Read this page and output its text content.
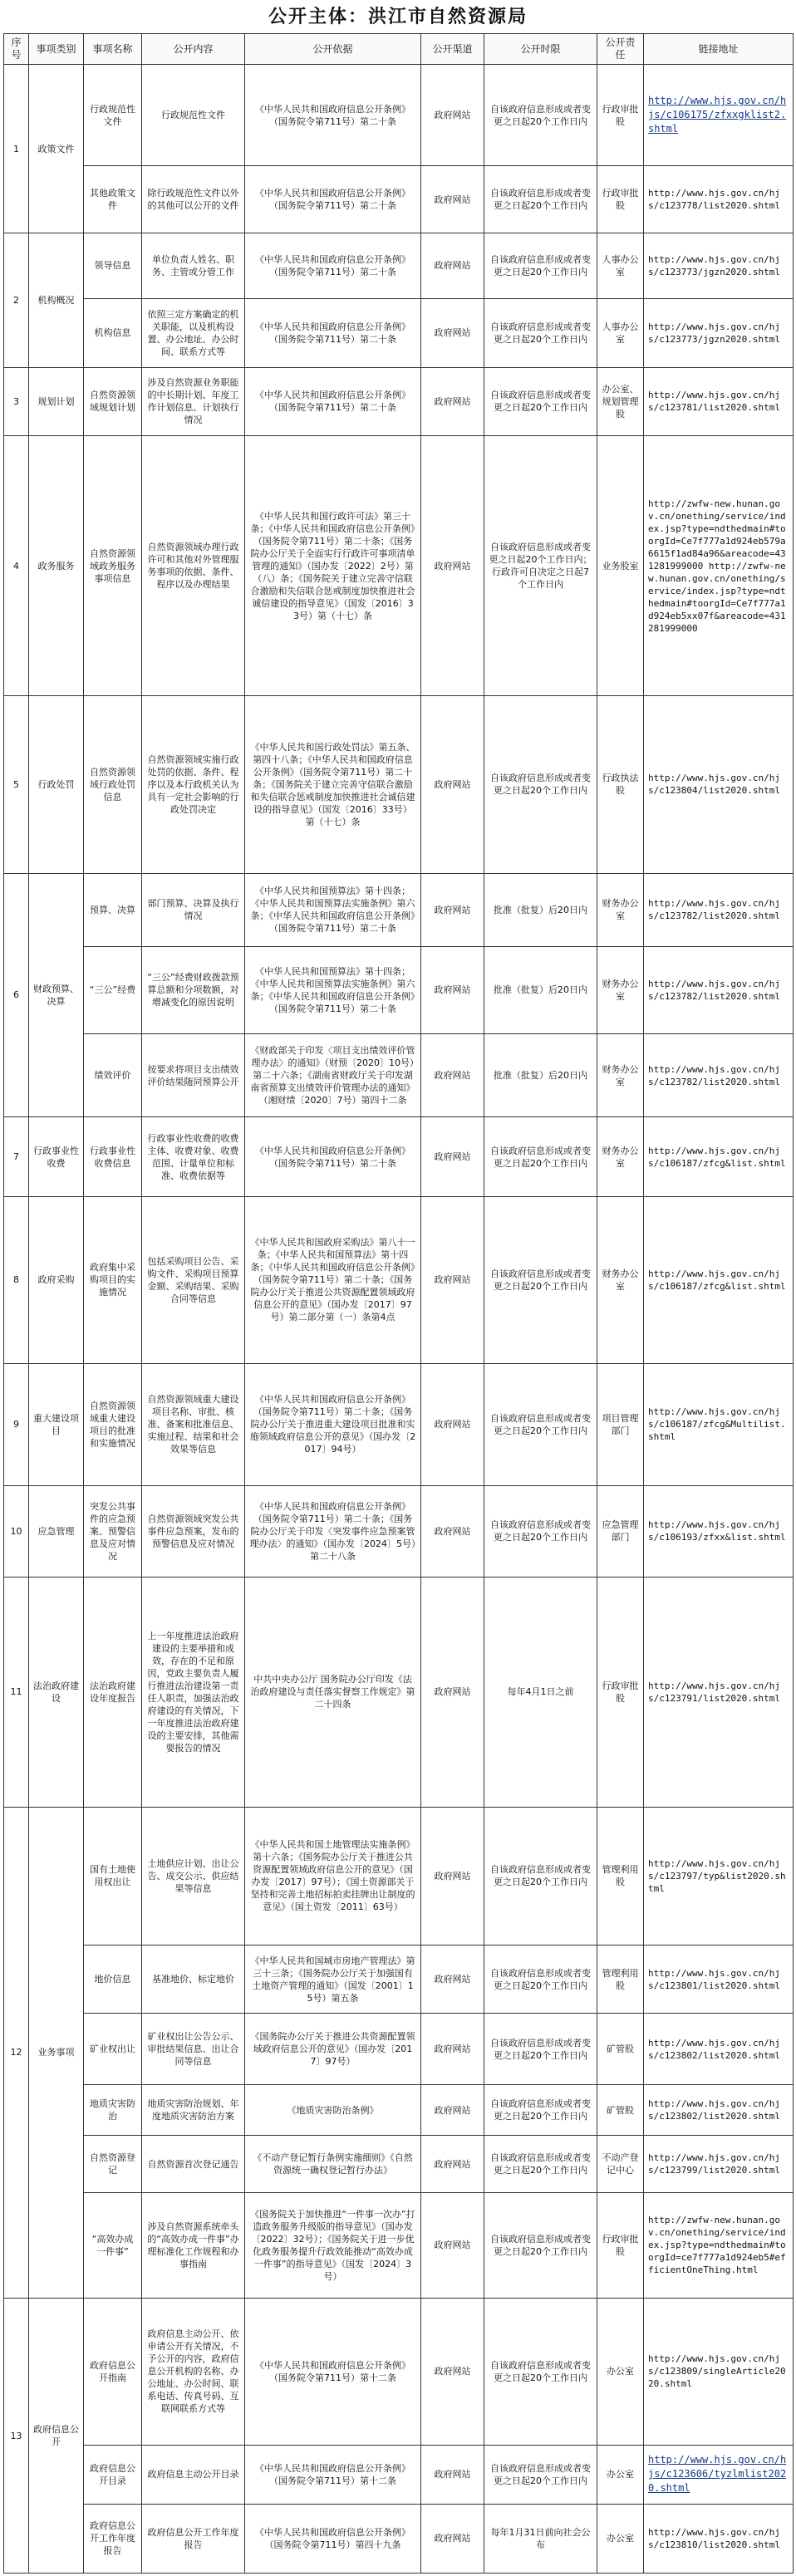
公开主体：洪江市自然资源局
序号	事项类别	事项名称	公开内容	公开依据	公开渠道	公开时限	公开责任	链接地址
1	政策文件	行政规范性文件	行政规范性文件	《中华人民共和国政府信息公开条例》（国务院令第711号）第二十条	政府网站	自该政府信息形成或者变更之日起20个工作日内	行政审批股	http://www.hjs.gov.cn/hjs/c106175/zfxxgklist2.shtml
		其他政策文件	除行政规范性文件以外的其他可以公开的文件	《中华人民共和国政府信息公开条例》（国务院令第711号）第二十条	政府网站	自该政府信息形成或者变更之日起20个工作日内	行政审批股	http://www.hjs.gov.cn/hjs/c123778/list2020.shtml
2	机构概况	领导信息	单位负责人姓名、职务、主管或分管工作	《中华人民共和国政府信息公开条例》（国务院令第711号）第二十条	政府网站	自该政府信息形成或者变更之日起20个工作日内	人事办公室	http://www.hjs.gov.cn/hjs/c123773/jgzn2020.shtml
		机构信息	依照三定方案确定的机关职能，以及机构设置、办公地址、办公时间、联系方式等	《中华人民共和国政府信息公开条例》（国务院令第711号）第二十条	政府网站	自该政府信息形成或者变更之日起20个工作日内	人事办公室	http://www.hjs.gov.cn/hjs/c123773/jgzn2020.shtml
3	规划计划	自然资源领域规划计划	涉及自然资源业务职能的中长期计划、年度工作计划信息、计划执行情况	《中华人民共和国政府信息公开条例》（国务院令第711号）第二十条	政府网站	自该政府信息形成或者变更之日起20个工作日内	办公室、规划管理股	http://www.hjs.gov.cn/hjs/c123781/list2020.shtml
4	政务服务	自然资源领域政务服务事项信息	自然资源领域办理行政许可和其他对外管理服务事项的依据、条件、程序以及办理结果	《中华人民共和国行政许可法》第三十条；《中华人民共和国政府信息公开条例》（国务院令第711号）第二十条；《国务院办公厅关于全面实行行政许可事项清单管理的通知》（国办发〔2022〕2号）第（八）条；《国务院关于建立完善守信联合激励和失信联合惩戒制度加快推进社会诚信建设的指导意见》（国发〔2016〕33号）第（十七）条	政府网站	自该政府信息形成或者变更之日起20个工作日内；行政许可自决定之日起7个工作日内	业务股室	http://zwfw-new.hunan.gov.cn/onething/service/index.jsp?type=ndthedmain#toorgId=Ce7f777a1d924eb579a6615f1ad84a96&areacode=431281999000 http://zwfw-new.hunan.gov.cn/onething/service/index.jsp?type=ndthedmain#toorgId=Ce7f777a1d924eb5xx07f&areacode=431281999000
5	行政处罚	自然资源领域行政处罚信息	自然资源领域实施行政处罚的依据、条件、程序以及本行政机关认为具有一定社会影响的行政处罚决定	《中华人民共和国行政处罚法》第五条、第四十八条；《中华人民共和国政府信息公开条例》（国务院令第711号）第二十条；《国务院关于建立完善守信联合激励和失信联合惩戒制度加快推进社会诚信建设的指导意见》（国发〔2016〕33号）第（十七）条	政府网站	自该政府信息形成或者变更之日起20个工作日内	行政执法股	http://www.hjs.gov.cn/hjs/c123804/list2020.shtml
6	财政预算、决算	预算、决算	部门预算、决算及执行情况	《中华人民共和国预算法》第十四条；《中华人民共和国预算法实施条例》第六条；《中华人民共和国政府信息公开条例》（国务院令第711号）第二十条	政府网站	批准（批复）后20日内	财务办公室	http://www.hjs.gov.cn/hjs/c123782/list2020.shtml
		“三公”经费	“三公”经费财政拨款预算总额和分项数额，对增减变化的原因说明	《中华人民共和国预算法》第十四条；《中华人民共和国预算法实施条例》第六条；《中华人民共和国政府信息公开条例》（国务院令第711号）第二十条	政府网站	批准（批复）后20日内	财务办公室	http://www.hjs.gov.cn/hjs/c123782/list2020.shtml
		绩效评价	按要求将项目支出绩效评价结果随同预算公开	《财政部关于印发〈项目支出绩效评价管理办法〉的通知》（财预〔2020〕10号）第二十六条；《湖南省财政厅关于印发湖南省预算支出绩效评价管理办法的通知》（湘财绩〔2020〕7号）第四十二条	政府网站	批准（批复）后20日内	财务办公室	http://www.hjs.gov.cn/hjs/c123782/list2020.shtml
7	行政事业性收费	行政事业性收费信息	行政事业性收费的收费主体、收费对象、收费范围、计量单位和标准、收费依据等	《中华人民共和国政府信息公开条例》（国务院令第711号）第二十条	政府网站	自该政府信息形成或者变更之日起20个工作日内	财务办公室	http://www.hjs.gov.cn/hjs/c106187/zfcg&list.shtml
8	政府采购	政府集中采购项目的实施情况	包括采购项目公告、采购文件、采购项目预算金额、采购结果、采购合同等信息	《中华人民共和国政府采购法》第八十一条；《中华人民共和国预算法》第十四条；《中华人民共和国政府信息公开条例》（国务院令第711号）第二十条；《国务院办公厅关于推进公共资源配置领域政府信息公开的意见》（国办发〔2017〕97号）第二部分第（一）条第4点	政府网站	自该政府信息形成或者变更之日起20个工作日内	财务办公室	http://www.hjs.gov.cn/hjs/c106187/zfcg&list.shtml
9	重大建设项目	自然资源领域重大建设项目的批准和实施情况	自然资源领域重大建设项目名称、审批、核准、备案和批准信息、实施过程、结果和社会效果等信息	《中华人民共和国政府信息公开条例》（国务院令第711号）第二十条；《国务院办公厅关于推进重大建设项目批准和实施领域政府信息公开的意见》（国办发〔2017〕94号）	政府网站	自该政府信息形成或者变更之日起20个工作日内	项目管理部门	http://www.hjs.gov.cn/hjs/c106187/zfcg&Multilist.shtml
10	应急管理	突发公共事件的应急预案、预警信息及应对情况	自然资源领域突发公共事件应急预案，发布的预警信息及应对情况	《中华人民共和国政府信息公开条例》（国务院令第711号）第二十条；《国务院办公厅关于印发〈突发事件应急预案管理办法〉的通知》（国办发〔2024〕5号）第二十八条	政府网站	自该政府信息形成或者变更之日起20个工作日内	应急管理部门	http://www.hjs.gov.cn/hjs/c106193/zfxx&list.shtml
11	法治政府建设	法治政府建设年度报告	上一年度推进法治政府建设的主要举措和成效，存在的不足和原因，党政主要负责人履行推进法治建设第一责任人职责，加强法治政府建设的有关情况，下一年度推进法治政府建设的主要安排，其他需要报告的情况	中共中央办公厅 国务院办公厅印发《法治政府建设与责任落实督察工作规定》第二十四条	政府网站	每年4月1日之前	行政审批股	http://www.hjs.gov.cn/hjs/c123791/list2020.shtml
12	业务事项	国有土地使用权出让	土地供应计划、出让公告、成交公示、供应结果等信息	《中华人民共和国土地管理法实施条例》第十六条；《国务院办公厅关于推进公共资源配置领域政府信息公开的意见》（国办发〔2017〕97号）；《国土资源部关于坚持和完善土地招标拍卖挂牌出让制度的意见》（国土资发〔2011〕63号）	政府网站	自该政府信息形成或者变更之日起20个工作日内	管理利用股	http://www.hjs.gov.cn/hjs/c123797/typ&list2020.shtml
		地价信息	基准地价、标定地价	《中华人民共和国城市房地产管理法》第三十三条；《国务院办公厅关于加强国有土地资产管理的通知》（国发〔2001〕15号）第五条	政府网站	自该政府信息形成或者变更之日起20个工作日内	管理利用股	http://www.hjs.gov.cn/hjs/c123801/list2020.shtml
		矿业权出让	矿业权出让公告公示、审批结果信息、出让合同等信息	《国务院办公厅关于推进公共资源配置领域政府信息公开的意见》（国办发〔2017〕97号）	政府网站	自该政府信息形成或者变更之日起20个工作日内	矿管股	http://www.hjs.gov.cn/hjs/c123802/list2020.shtml
		地质灾害防治	地质灾害防治规划、年度地质灾害防治方案	《地质灾害防治条例》	政府网站	自该政府信息形成或者变更之日起20个工作日内	矿管股	http://www.hjs.gov.cn/hjs/c123802/list2020.shtml
		自然资源登记	自然资源首次登记通告	《不动产登记暂行条例实施细则》《自然资源统一确权登记暂行办法》	政府网站	自该政府信息形成或者变更之日起20个工作日内	不动产登记中心	http://www.hjs.gov.cn/hjs/c123799/list2020.shtml
		“高效办成一件事”	涉及自然资源系统牵头的“高效办成一件事”办理标准化工作规程和办事指南	《国务院关于加快推进“一件事一次办”打造政务服务升级版的指导意见》（国办发〔2022〕32号）；《国务院关于进一步优化政务服务提升行政效能推动“高效办成一件事”的指导意见》（国发〔2024〕3号）	政府网站	自该政府信息形成或者变更之日起20个工作日内	行政审批股	http://zwfw-new.hunan.gov.cn/onething/service/index.jsp?type=ndthedmain#toorgId=ce7f777a1d924eb5#efficientOneThing.html
13	政府信息公开	政府信息公开指南	政府信息主动公开、依申请公开有关情况，不予公开的内容，政府信息公开机构的名称、办公地址、办公时间、联系电话、传真号码、互联网联系方式等	《中华人民共和国政府信息公开条例》（国务院令第711号）第十二条	政府网站	自该政府信息形成或者变更之日起20个工作日内	办公室	http://www.hjs.gov.cn/hjs/c123809/singleArticle2020.shtml
		政府信息公开目录	政府信息主动公开目录	《中华人民共和国政府信息公开条例》（国务院令第711号）第十二条	政府网站	自该政府信息形成或者变更之日起20个工作日内	办公室	http://www.hjs.gov.cn/hjs/c123606/tyzlmlist2020.shtml
		政府信息公开工作年度报告	政府信息公开工作年度报告	《中华人民共和国政府信息公开条例》（国务院令第711号）第四十九条	政府网站	每年1月31日前向社会公布	办公室	http://www.hjs.gov.cn/hjs/c123810/list2020.shtml
